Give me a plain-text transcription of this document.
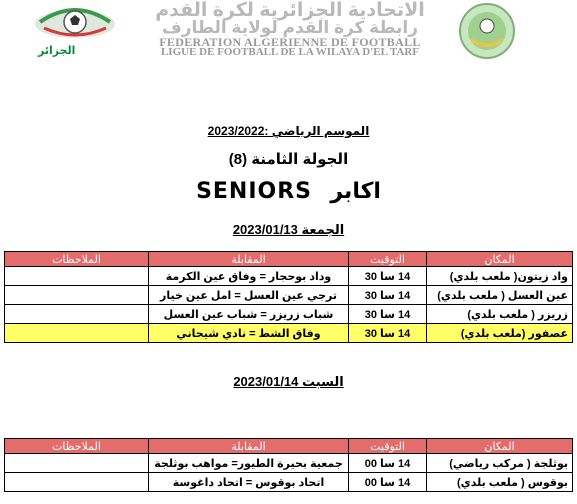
الجزائر
الاتحادية الجزائرية لكرة القدم
رابطة كرة القدم لولاية الطارف
FEDERATION ALGERIENNE DE FOOTBALL
LIGUE DE FOOTBALL DE LA WILAYA D'EL TARF
الموسم الرياضي :2023/2022
الجولة الثامنة (8)
اكابر   SENIORS
الجمعة 2023/01/13
المكان	التوقيت	المقابلة	الملاحظات
واد زيتون( ملعب بلدي)	14 سا 30	وداد بوحجار = وفاق عين الكرمة	
عين العسل ( ملعب بلدي)	14 سا 30	ترجي عين العسل = امل عين خيار	
زريزر ( ملعب بلدي)	14 سا 30	شباب زريزر = شباب عين العسل	
عصفور (ملعب بلدي)	14 سا 30	وفاق الشط = نادي شيحاني	
السبت 2023/01/14
المكان	التوقيت	المقابلة	الملاحظات
بوثلجة ( مركب رياضي)	14 سا 00	جمعية بحيرة الطيور= مواهب بوثلجة	
بوقوس ( ملعب بلدي)	14 سا 00	اتحاد بوقوس = اتحاد داغوسة	
